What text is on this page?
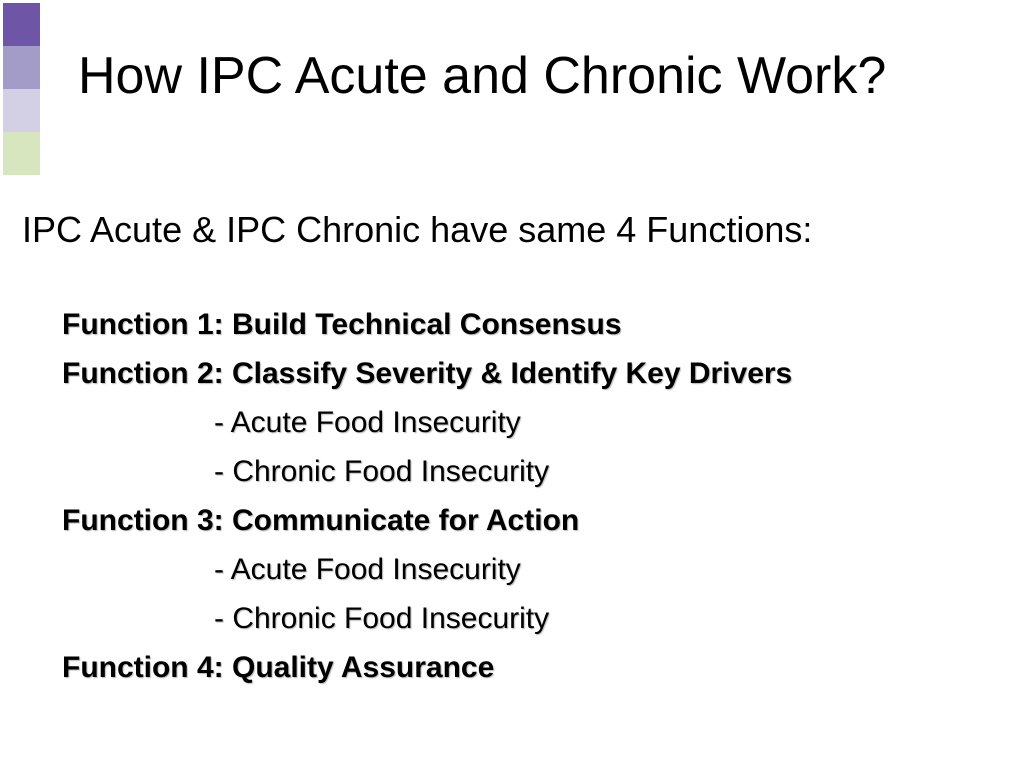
How IPC Acute and Chronic Work?
IPC Acute & IPC Chronic have same 4 Functions:
Function 1: Build Technical Consensus
Function 2: Classify Severity & Identify Key Drivers
- Acute Food Insecurity
- Chronic Food Insecurity
Function 3: Communicate for Action
- Acute Food Insecurity
- Chronic Food Insecurity
Function 4: Quality Assurance
